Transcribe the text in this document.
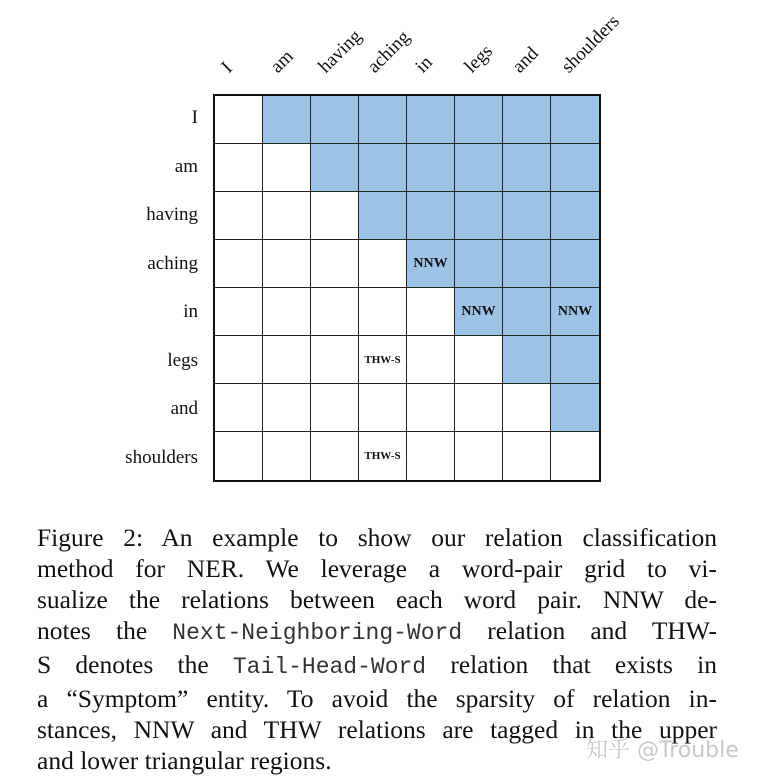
I am having
aching
in legs and shoulders
I
am
having
aching
in
legs
and
shoulders
NNW
NNW	NNW
THW-S
THW-S
Figure 2: An example to show our relation classification
method for NER. We leverage a word-pair grid to vi-
sualize the relations between each word pair. NNW de-
notes the Next-Neighboring-Word relation and THW-
S denotes the Tail-Head-Word relation that exists in
a “Symptom” entity. To avoid the sparsity of relation in-
stances, NNW and THW relations are tagged in the upper
and lower triangular regions.	知乎 @Trouble
